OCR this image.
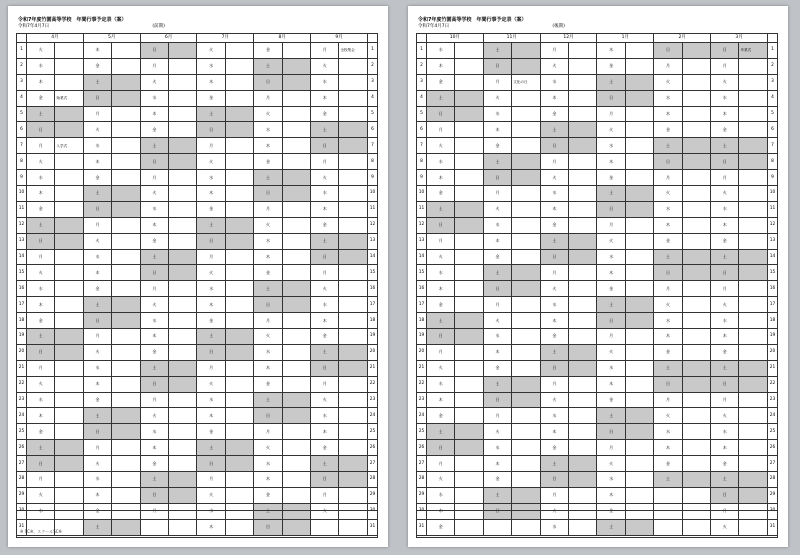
令和7年度竹園高等学校　年間行事予定表（案）
令和7年4月7日	(前期)
	4月		5月		6月		7月		8月		9月		
1	火		木		日		火		金		月	全校集会	1
2	水		金		月		水		土		火		2
3	木		土		火		木		日		水		3
4	金	始業式	日		水		金		月		木		4
5	土		月		木		土		火		金		5
6	日		火		金		日		水		土		6
7	月	入学式	水		土		月		木		日		7
8	火		木		日		火		金		月		8
9	水		金		月		水		土		火		9
10	木		土		火		木		日		水		10
11	金		日		水		金		月		木		11
12	土		月		木		土		火		金		12
13	日		火		金		日		水		土		13
14	月		水		土		月		木		日		14
15	火		木		日		火		金		月		15
16	水		金		月		水		土		火		16
17	木		土		火		木		日		水		17
18	金		日		水		金		月		木		18
19	土		月		木		土		火		金		19
20	日		火		金		日		水		土		20
21	月		水		土		月		木		日		21
22	火		木		日		火		金		月		22
23	水		金		月		水		土		火		23
24	木		土		火		木		日		水		24
25	金		日		水		金		月		木		25
26	土		月		木		土		火		金		26
27	日		火		金		日		水		土		27
28	月		水		土		月		木		日		28
29	火		木		日		火		金		月		29
30	水		金		月		水		土		火		30
31			土				木		日				31
※ SC※、スクールSC※
令和7年度竹園高等学校　年間行事予定表（案）
令和7年4月7日	(後期)
	10月		11月		12月		1月		2月		3月		
1	水		土		月		木		日		日	卒業式	1
2	木		日		火		金		月		月		2
3	金		月	文化の日	水		土		火		火		3
4	土		火		木		日		水		水		4
5	日		水		金		月		木		木		5
6	月		木		土		火		金		金		6
7	火		金		日		水		土		土		7
8	水		土		月		木		日		日		8
9	木		日		火		金		月		月		9
10	金		月		水		土		火		火		10
11	土		火		木		日		水		水		11
12	日		水		金		月		木		木		12
13	月		木		土		火		金		金		13
14	火		金		日		水		土		土		14
15	水		土		月		木		日		日		15
16	木		日		火		金		月		月		16
17	金		月		水		土		火		火		17
18	土		火		木		日		水		水		18
19	日		水		金		月		木		木		19
20	月		木		土		火		金		金		20
21	火		金		日		水		土		土		21
22	水		土		月		木		日		日		22
23	木		日		火		金		月		月		23
24	金		月		水		土		火		火		24
25	土		火		木		日		水		水		25
26	日		水		金		月		木		木		26
27	月		木		土		火		金		金		27
28	火		金		日		水		土		土		28
29	水		土		月		木				日		29
30	木		日		火		金				月		30
31	金				水		土				火		31
